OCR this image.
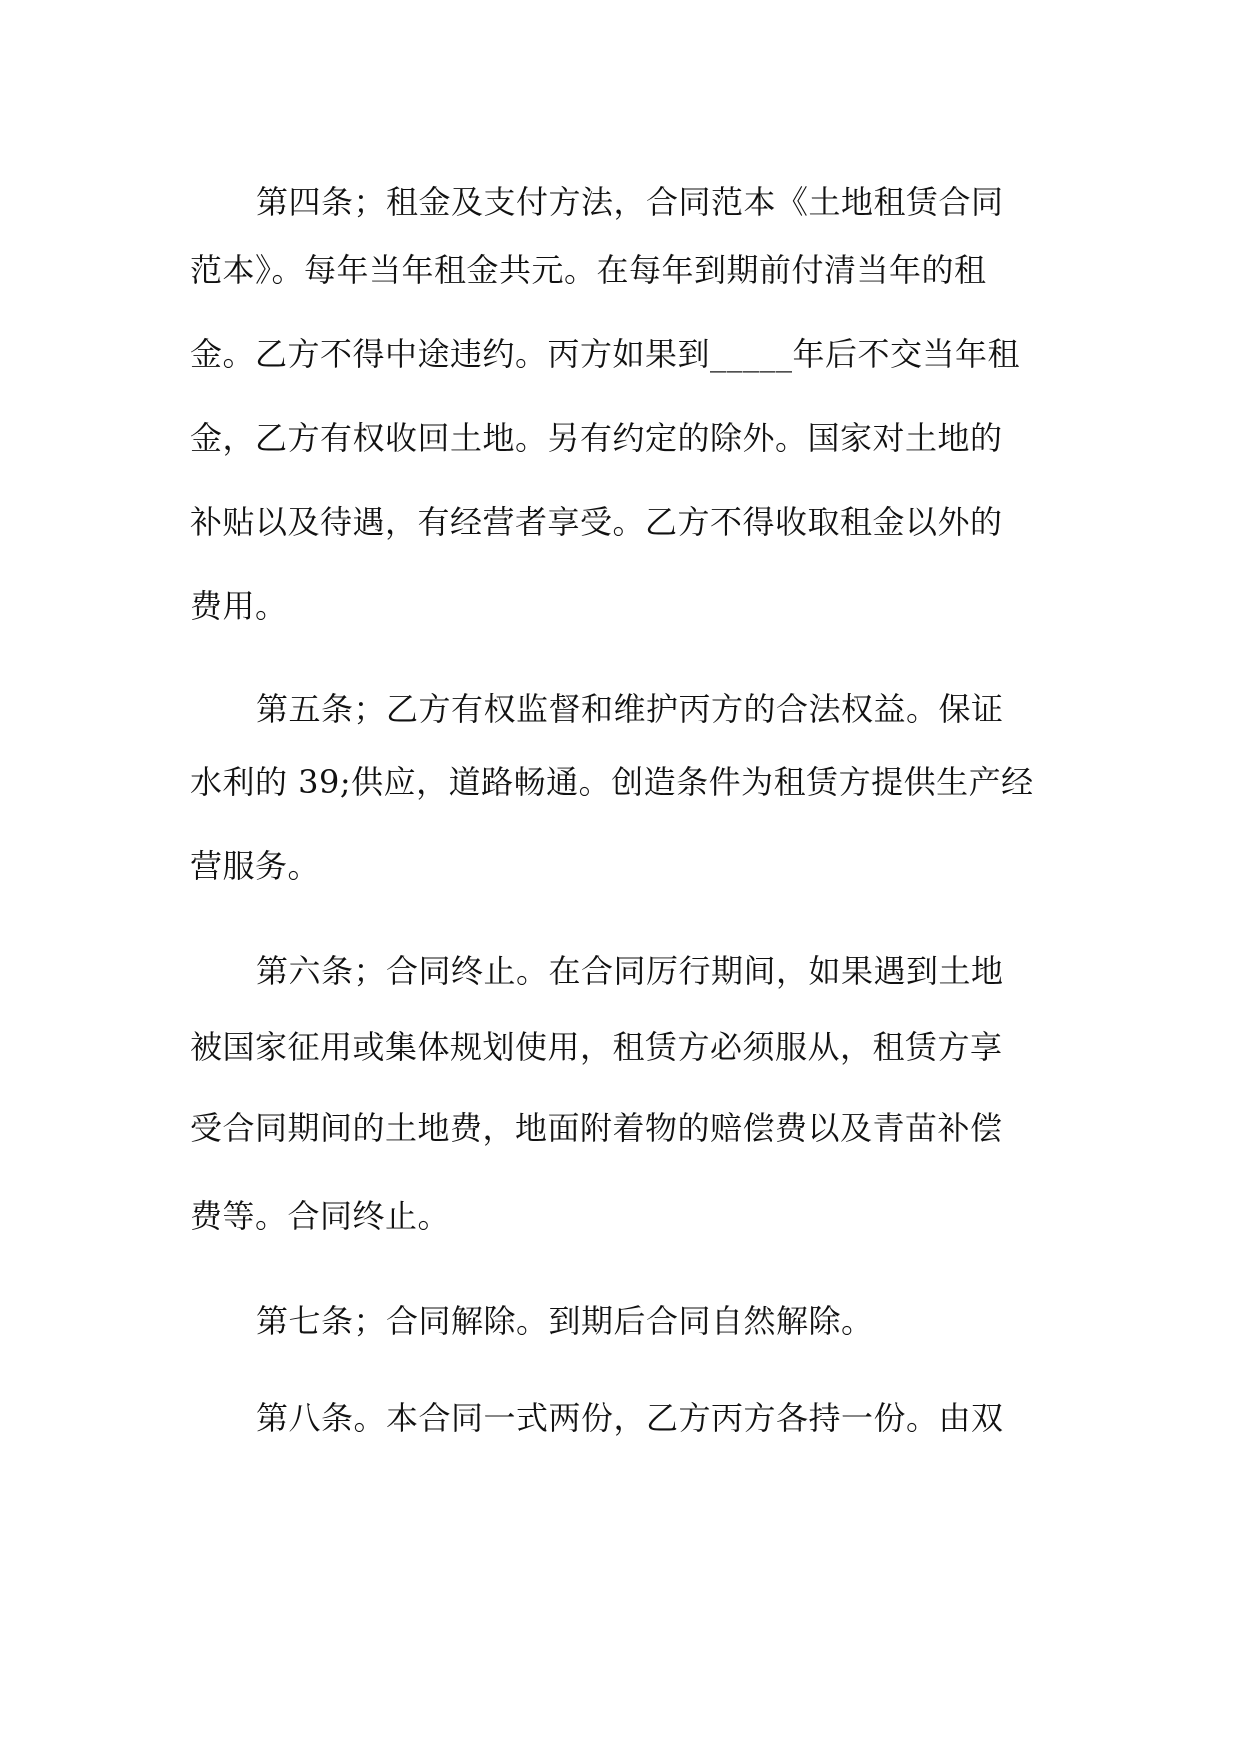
第四条；租金及支付方法，合同范本《土地租赁合同
范本》。每年当年租金共元。在每年到期前付清当年的租
金。乙方不得中途违约。丙方如果到_____年后不交当年租
金，乙方有权收回土地。另有约定的除外。国家对土地的
补贴以及待遇，有经营者享受。乙方不得收取租金以外的
费用。
第五条；乙方有权监督和维护丙方的合法权益。保证
水利的 39;供应，道路畅通。创造条件为租赁方提供生产经
营服务。
第六条；合同终止。在合同厉行期间，如果遇到土地
被国家征用或集体规划使用，租赁方必须服从，租赁方享
受合同期间的土地费，地面附着物的赔偿费以及青苗补偿
费等。合同终止。
第七条；合同解除。到期后合同自然解除。
第八条。本合同一式两份，乙方丙方各持一份。由双
